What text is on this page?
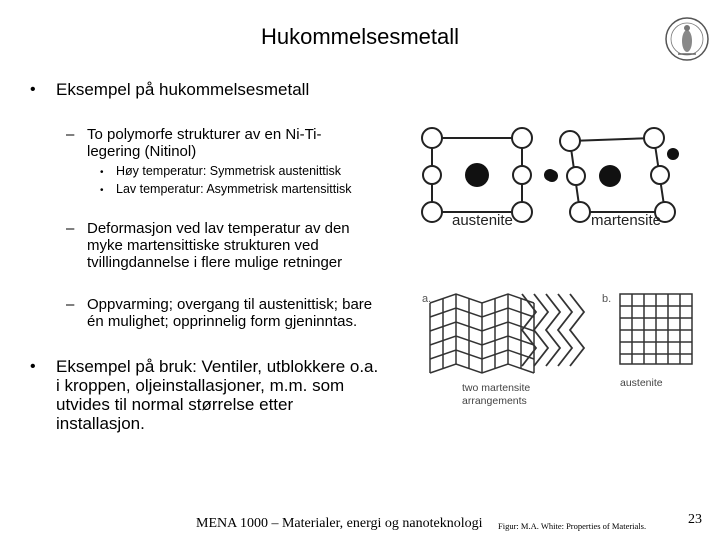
Hukommelsesmetall
• Eksempel på hukommelsesmetall
– To polymorfe strukturer av en Ni-Ti-
legering (Nitinol)
• Høy temperatur: Symmetrisk austenittisk
• Lav temperatur: Asymmetrisk martensittisk
– Deformasjon ved lav temperatur av den
myke martensittiske strukturen ved
tvillingdannelse i flere mulige retninger
– Oppvarming; overgang til austenittisk; bare
én mulighet; opprinnelig form gjeninntas.
• Eksempel på bruk: Ventiler, utblokkere o.a.
i kroppen, oljeinstallasjoner, m.m. som
utvides til normal størrelse etter
installasjon.
austenite	martensite
a.	b.
two martensite
arrangements
austenite
MENA 1000 – Materialer, energi og nanoteknologi Figur: M.A. White: Properties of Materials.	23
